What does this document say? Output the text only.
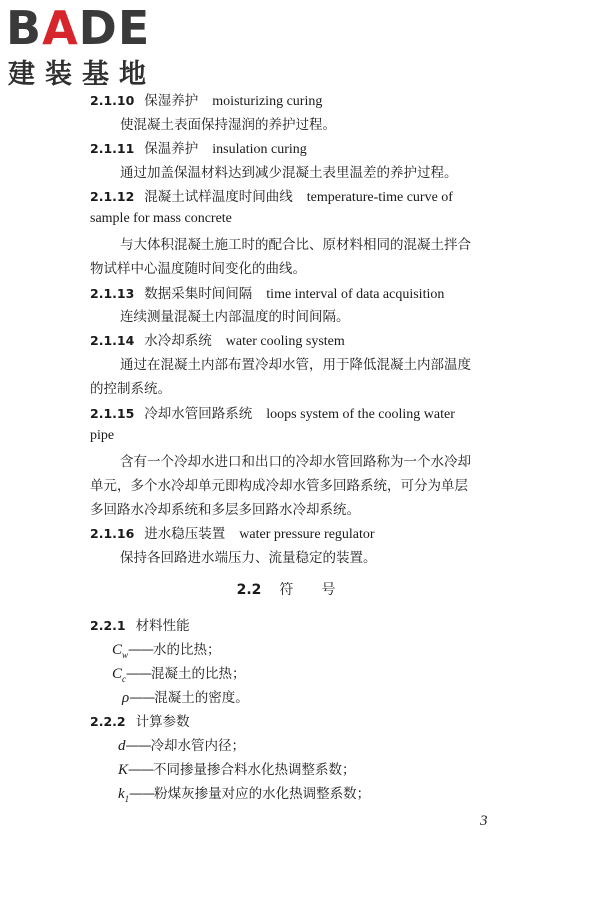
BADE
建装基地
2.1.10 保湿养护 moisturizing curing
使混凝土表面保持湿润的养护过程。
2.1.11 保温养护 insulation curing
通过加盖保温材料达到减少混凝土表里温差的养护过程。
2.1.12 混凝土试样温度时间曲线 temperature-time curve of
sample for mass concrete
与大体积混凝土施工时的配合比、原材料相同的混凝土拌合
物试样中心温度随时间变化的曲线。
2.1.13 数据采集时间间隔 time interval of data acquisition
连续测量混凝土内部温度的时间间隔。
2.1.14 水冷却系统 water cooling system
通过在混凝土内部布置冷却水管，用于降低混凝土内部温度
的控制系统。
2.1.15 冷却水管回路系统 loops system of the cooling water
pipe
含有一个冷却水进口和出口的冷却水管回路称为一个水冷却
单元，多个水冷却单元即构成冷却水管多回路系统，可分为单层
多回路水冷却系统和多层多回路水冷却系统。
2.1.16 进水稳压装置 water pressure regulator
保持各回路进水端压力、流量稳定的装置。
2.2 符号
2.2.1 材料性能
$C_w——$水的比热；
$C_c——$混凝土的比热；
ρ——混凝土的密度。
2.2.2 计算参数
d——冷却水管内径；
K——不同掺量掺合料水化热调整系数；
$k_1——$粉煤灰掺量对应的水化热调整系数；
3
